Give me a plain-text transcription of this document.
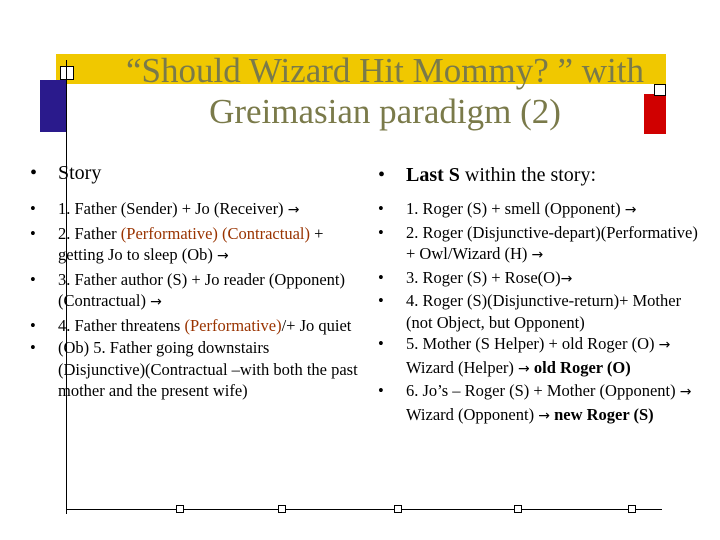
“Should Wizard Hit Mommy? ” with
Greimasian paradigm (2)
• Story
• 1. Father (Sender) + Jo (Receiver) →
• 2. Father (Performative) (Contractual) + getting Jo to sleep (Ob) →
• 3. Father author (S) + Jo reader (Opponent)(Contractual) →
• 4. Father threatens (Performative)/+ Jo quiet
• (Ob) 5. Father going downstairs (Disjunctive)(Contractual –with both the past mother and the present wife)
• Last S within the story:
• 1. Roger (S) + smell (Opponent) →
• 2. Roger (Disjunctive-depart)(Performative) + Owl/Wizard (H) →
• 3. Roger (S) + Rose(O)→
• 4. Roger (S)(Disjunctive-return)+ Mother (not Object, but Opponent)
• 5. Mother (S Helper) + old Roger (O) → Wizard (Helper) → old Roger (O)
• 6. Jo’s – Roger (S) + Mother (Opponent) → Wizard (Opponent) → new Roger (S)
